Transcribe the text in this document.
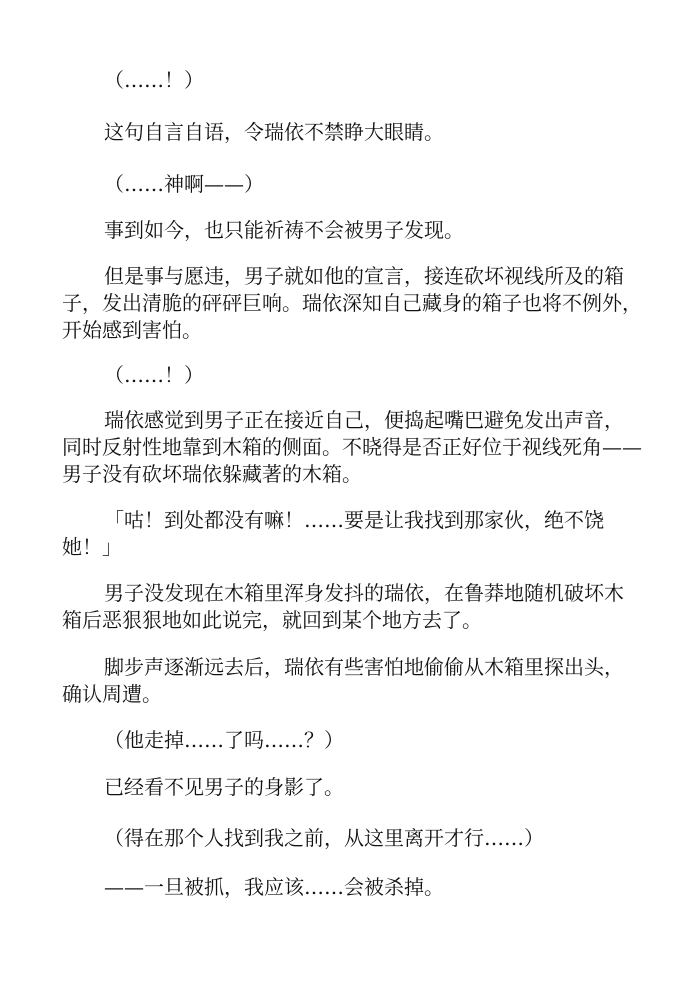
（……！）

这句自言自语，令瑞依不禁睁大眼睛。

（……神啊——）

事到如今，也只能祈祷不会被男子发现。

但是事与愿违，男子就如他的宣言，接连砍坏视线所及的箱子，发出清脆的砰砰巨响。瑞依深知自己藏身的箱子也将不例外，开始感到害怕。

（……！）

瑞依感觉到男子正在接近自己，便捣起嘴巴避免发出声音，同时反射性地靠到木箱的侧面。不晓得是否正好位于视线死角——男子没有砍坏瑞依躲藏著的木箱。

「咕！到处都没有嘛！……要是让我找到那家伙，绝不饶她！」

男子没发现在木箱里浑身发抖的瑞依，在鲁莽地随机破坏木箱后恶狠狠地如此说完，就回到某个地方去了。

脚步声逐渐远去后，瑞依有些害怕地偷偷从木箱里探出头，确认周遭。

（他走掉……了吗……？）

已经看不见男子的身影了。

（得在那个人找到我之前，从这里离开才行……）

——一旦被抓，我应该……会被杀掉。
